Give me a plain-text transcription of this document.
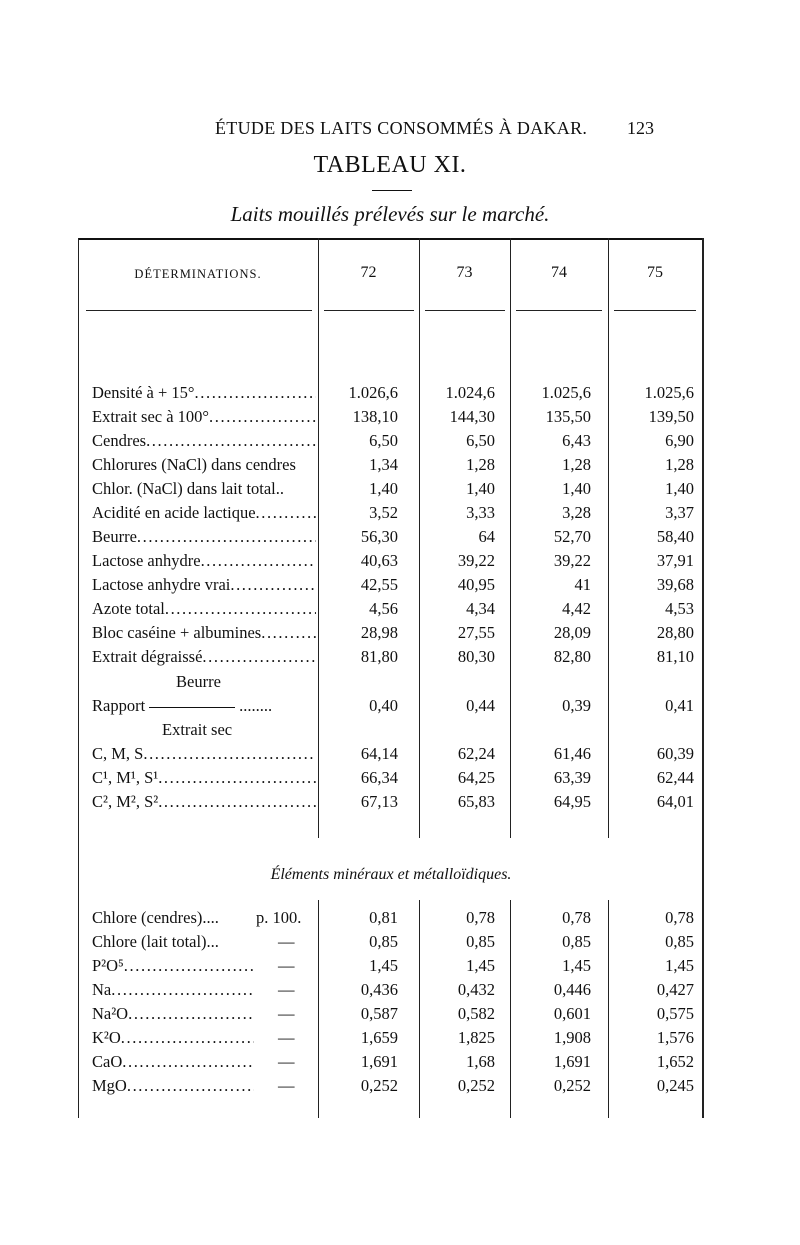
ÉTUDE DES LAITS CONSOMMÉS À DAKAR. 123
TABLEAU XI.
Laits mouillés prélevés sur le marché.
DÉTERMINATIONS.	72	73	74	75
Densité à + 15° .....	1.026,6	1.024,6	1.025,6	1.025,6
Extrait sec à 100° .....	138,10	144,30	135,50	139,50
Cendres .....	6,50	6,50	6,43	6,90
Chlorures (NaCl) dans cendres	1,34	1,28	1,28	1,28
Chlor. (NaCl) dans lait total..	1,40	1,40	1,40	1,40
Acidité en acide lactique .....	3,52	3,33	3,28	3,37
Beurre .....	56,30	64	52,70	58,40
Lactose anhydre .....	40,63	39,22	39,22	37,91
Lactose anhydre vrai .....	42,55	40,95	41	39,68
Azote total .....	4,56	4,34	4,42	4,53
Bloc caséine + albumines .....	28,98	27,55	28,09	28,80
Extrait dégraissé .....	81,80	80,30	82,80	81,10
Beurre
Rapport	........	0,40	0,44	0,39	0,41
Extrait sec
C, M, S .....	64,14	62,24	61,46	60,39
C¹, M¹, S¹ .....	66,34	64,25	63,39	62,44
C², M², S² .....	67,13	65,83	64,95	64,01
Éléments minéraux et métalloïdiques.
Chlore (cendres)....	p. 100.	0,81	0,78	0,78	0,78
Chlore (lait total)...	—	0,85	0,85	0,85	0,85
P²O⁵ .....	—	1,45	1,45	1,45	1,45
Na .....	—	0,436	0,432	0,446	0,427
Na²O .....	—	0,587	0,582	0,601	0,575
K²O .....	—	1,659	1,825	1,908	1,576
CaO .....	—	1,691	1,68	1,691	1,652
MgO .....	—	0,252	0,252	0,252	0,245
